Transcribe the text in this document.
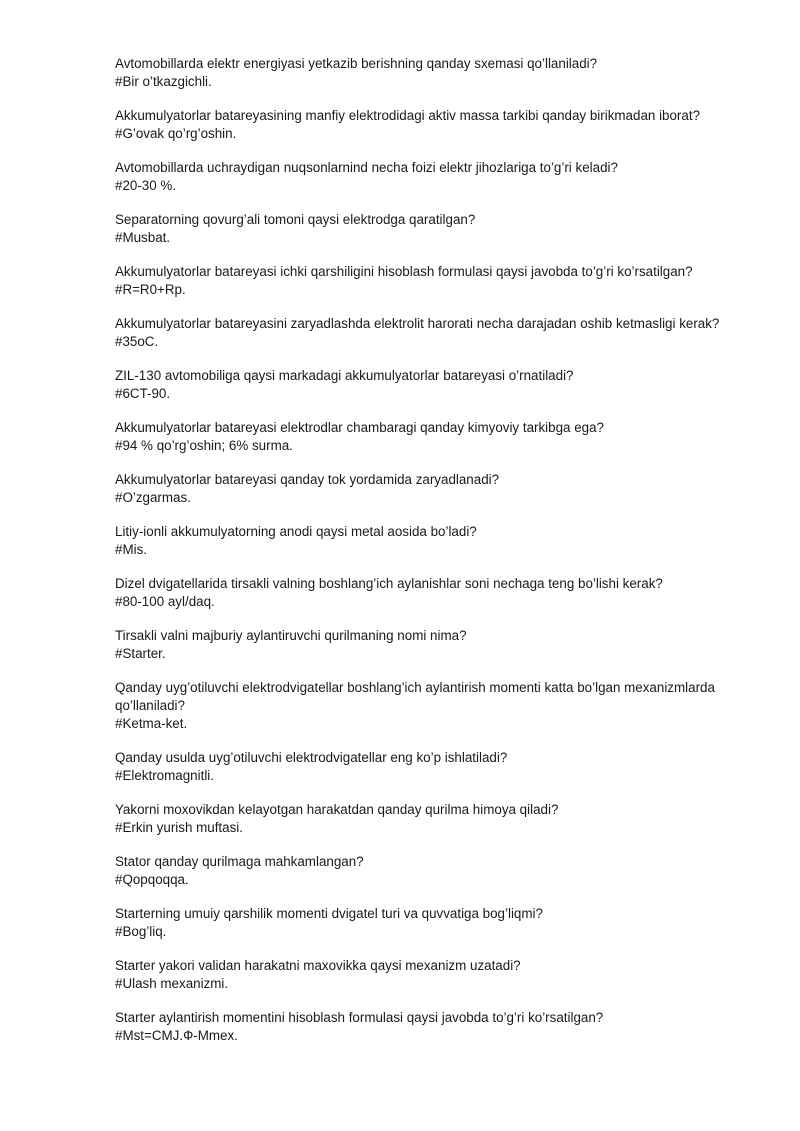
Avtomobillarda elektr energiyasi yetkazib berishning qanday sxemasi qo’llaniladi?
#Bir o’tkazgichli.
Akkumulyatorlar batareyasining manfiy elektrodidagi aktiv massa tarkibi qanday birikmadan iborat?
#G’ovak qo’rg’oshin.
Avtomobillarda uchraydigan nuqsonlarnind necha foizi elektr jihozlariga to’g’ri keladi?
#20-30 %.
Separatorning qovurg’ali tomoni qaysi elektrodga qaratilgan?
#Musbat.
Akkumulyatorlar batareyasi ichki qarshiligini hisoblash formulasi qaysi javobda to’g’ri ko’rsatilgan?
#R=R0+Rp.
Akkumulyatorlar batareyasini zaryadlashda elektrolit harorati necha darajadan oshib ketmasligi kerak?
#35oC.
ZIL-130 avtomobiliga qaysi markadagi akkumulyatorlar batareyasi o’rnatiladi?
#6CT-90.
Akkumulyatorlar batareyasi elektrodlar chambaragi qanday kimyoviy tarkibga ega?
#94 % qo’rg’oshin; 6% surma.
Akkumulyatorlar batareyasi qanday tok yordamida zaryadlanadi?
#O’zgarmas.
Litiy-ionli akkumulyatorning anodi qaysi metal aosida bo’ladi?
#Mis.
Dizel dvigatellarida tirsakli valning boshlang’ich aylanishlar soni nechaga teng bo’lishi kerak?
#80-100 ayl/daq.
Tirsakli valni majburiy aylantiruvchi qurilmaning nomi nima?
#Starter.
Qanday uyg’otiluvchi elektrodvigatellar boshlang’ich aylantirish momenti katta bo’lgan mexanizmlarda qo’llaniladi?
#Ketma-ket.
Qanday usulda uyg’otiluvchi elektrodvigatellar eng ko’p ishlatiladi?
#Elektromagnitli.
Yakorni moxovikdan kelayotgan harakatdan qanday qurilma himoya qiladi?
#Erkin yurish muftasi.
Stator qanday qurilmaga mahkamlangan?
#Qopqoqqa.
Starterning umuiy qarshilik momenti dvigatel turi va quvvatiga bog’liqmi?
#Bog’liq.
Starter yakori validan harakatni maxovikka qaysi mexanizm uzatadi?
#Ulash mexanizmi.
Starter aylantirish momentini hisoblash formulasi qaysi javobda to’g’ri ko’rsatilgan?
#Mst=CMJ.Ф-Mmex.
